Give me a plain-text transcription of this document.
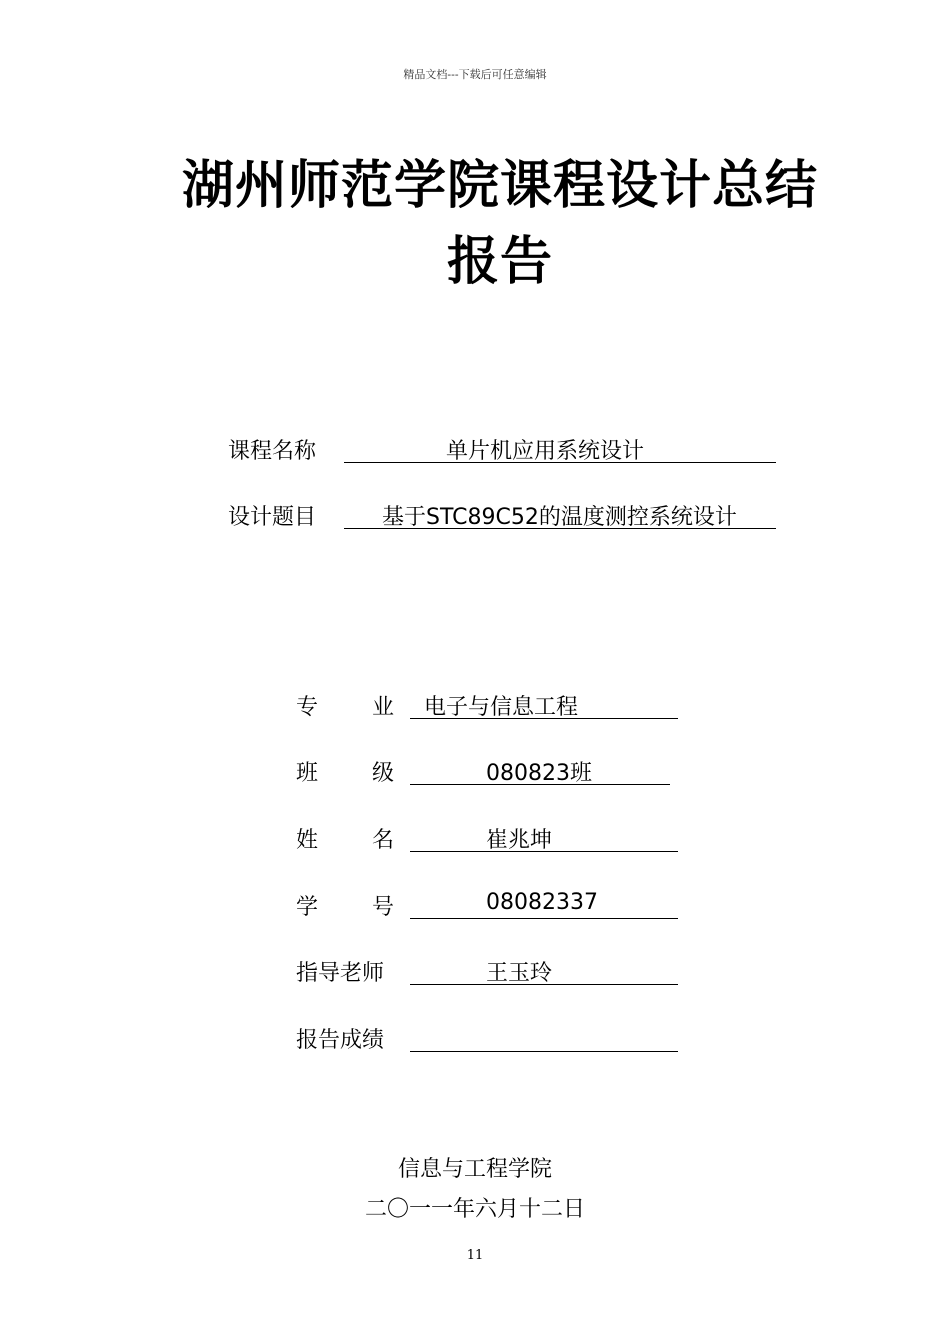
精品文档---下载后可任意编辑
湖州师范学院课程设计总结
报告
课程名称	单片机应用系统设计
设计题目	基于STC89C52的温度测控系统设计
专 业 电子与信息工程
班 级	080823班
姓 名	崔兆坤
学 号	08082337
指导老师	王玉玲
报告成绩
信息与工程学院
二〇一一年六月十二日
11
